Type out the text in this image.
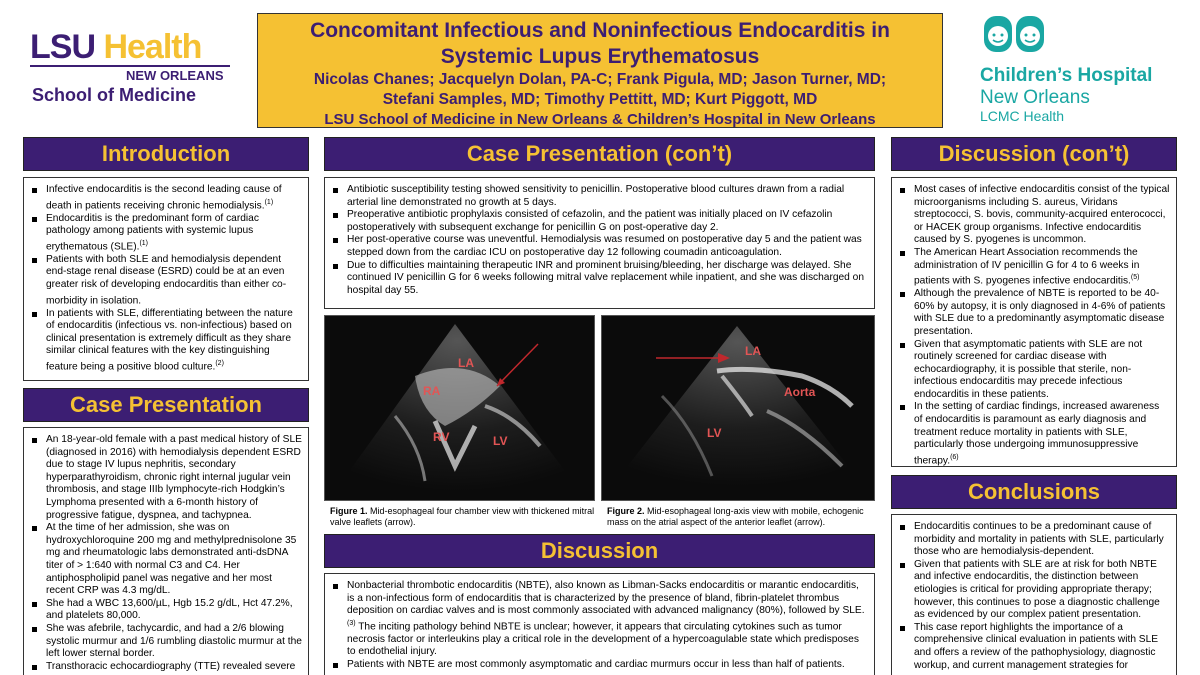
LSU Health
NEW ORLEANS
School of Medicine
Concomitant Infectious and Noninfectious Endocarditis in
Systemic Lupus Erythematosus
Nicolas Chanes; Jacquelyn Dolan, PA-C; Frank Pigula, MD; Jason Turner, MD;
Stefani Samples, MD; Timothy Pettitt, MD; Kurt Piggott, MD
LSU School of Medicine in New Orleans & Children’s Hospital in New Orleans
Children’s Hospital
New Orleans
LCMC Health
Introduction
Infective endocarditis is the second leading cause of death in patients receiving chronic hemodialysis.$^{(1)}$
Endocarditis is the predominant form of cardiac pathology among patients with systemic lupus erythematous (SLE).$^{(1)}$
Patients with both SLE and hemodialysis dependent end-stage renal disease (ESRD) could be at an even greater risk of developing endocarditis than either co-morbidity in isolation.
In patients with SLE, differentiating between the nature of endocarditis (infectious vs. non-infectious) based on clinical presentation is extremely difficult as they share similar clinical features with the key distinguishing feature being a positive blood culture.$^{(2)}$
Case Presentation
An 18-year-old female with a past medical history of SLE (diagnosed in 2016) with hemodialysis dependent ESRD due to stage IV lupus nephritis, secondary hyperparathyroidism, chronic right internal jugular vein thrombosis, and stage IIIb lymphocyte-rich Hodgkin’s Lymphoma presented with a 6-month history of progressive fatigue, dyspnea, and tachypnea.
At the time of her admission, she was on hydroxychloroquine 200 mg and methylprednisolone 35 mg and rheumatologic labs demonstrated anti-dsDNA titer of > 1:640 with normal C3 and C4. Her antiphospholipid panel was negative and her most recent CRP was 4.3 mg/dL.
She had a WBC 13,600/µL, Hgb 15.2 g/dL, Hct 47.2%, and platelets 80,000.
She was afebrile, tachycardic, and had a 2/6 blowing systolic murmur and 1/6 rumbling diastolic murmur at the left lower sternal border.
Transthoracic echocardiography (TTE) revealed severe
Case Presentation (con’t)
Antibiotic susceptibility testing showed sensitivity to penicillin. Postoperative blood cultures drawn from a radial arterial line demonstrated no growth at 5 days.
Preoperative antibiotic prophylaxis consisted of cefazolin, and the patient was initially placed on IV cefazolin postoperatively with subsequent exchange for penicillin G on post-operative day 2.
Her post-operative course was uneventful. Hemodialysis was resumed on postoperative day 5 and the patient was stepped down from the cardiac ICU on postoperative day 12 following coumadin anticoagulation.
Due to difficulties maintaining therapeutic INR and prominent bruising/bleeding, her discharge was delayed. She continued IV penicillin G for 6 weeks following mitral valve replacement while inpatient, and she was discharged on hospital day 55.
LA
RA
RV	LV
Figure 1. Mid-esophageal four chamber view with thickened mitral valve leaflets (arrow).
LA
Aorta
LV
Figure 2. Mid-esophageal long-axis view with mobile, echogenic mass on the atrial aspect of the anterior leaflet (arrow).
Discussion
Nonbacterial thrombotic endocarditis (NBTE), also known as Libman-Sacks endocarditis or marantic endocarditis, is a non-infectious form of endocarditis that is characterized by the presence of bland, fibrin-platelet thrombus deposition on cardiac valves and is most commonly associated with advanced malignancy (80%), followed by SLE.$^{(3)}$ The inciting pathology behind NBTE is unclear; however, it appears that circulating cytokines such as tumor necrosis factor or interleukins play a critical role in the development of a hypercoagulable state which predisposes to endothelial injury.
Patients with NBTE are most commonly asymptomatic and cardiac murmurs occur in less than half of patients.
Discussion (con’t)
Most cases of infective endocarditis consist of the typical microorganisms including S. aureus, Viridans streptococci, S. bovis, community-acquired enterococci, or HACEK group organisms. Infective endocarditis caused by S. pyogenes is uncommon.
The American Heart Association recommends the administration of IV penicillin G for 4 to 6 weeks in patients with S. pyogenes infective endocarditis.$^{(5)}$
Although the prevalence of NBTE is reported to be 40-60% by autopsy, it is only diagnosed in 4-6% of patients with SLE due to a predominantly asymptomatic disease presentation.
Given that asymptomatic patients with SLE are not routinely screened for cardiac disease with echocardiography, it is possible that sterile, non-infectious endocarditis may precede infectious endocarditis in these patients.
In the setting of cardiac findings, increased awareness of endocarditis is paramount as early diagnosis and treatment reduce mortality in patients with SLE, particularly those undergoing immunosuppressive therapy.$^{(6)}$
Conclusions
Endocarditis continues to be a predominant cause of morbidity and mortality in patients with SLE, particularly those who are hemodialysis-dependent.
Given that patients with SLE are at risk for both NBTE and infective endocarditis, the distinction between etiologies is critical for providing appropriate therapy; however, this continues to pose a diagnostic challenge as evidenced by our complex patient presentation.
This case report highlights the importance of a comprehensive clinical evaluation in patients with SLE and offers a review of the pathophysiology, diagnostic workup, and current management strategies for
